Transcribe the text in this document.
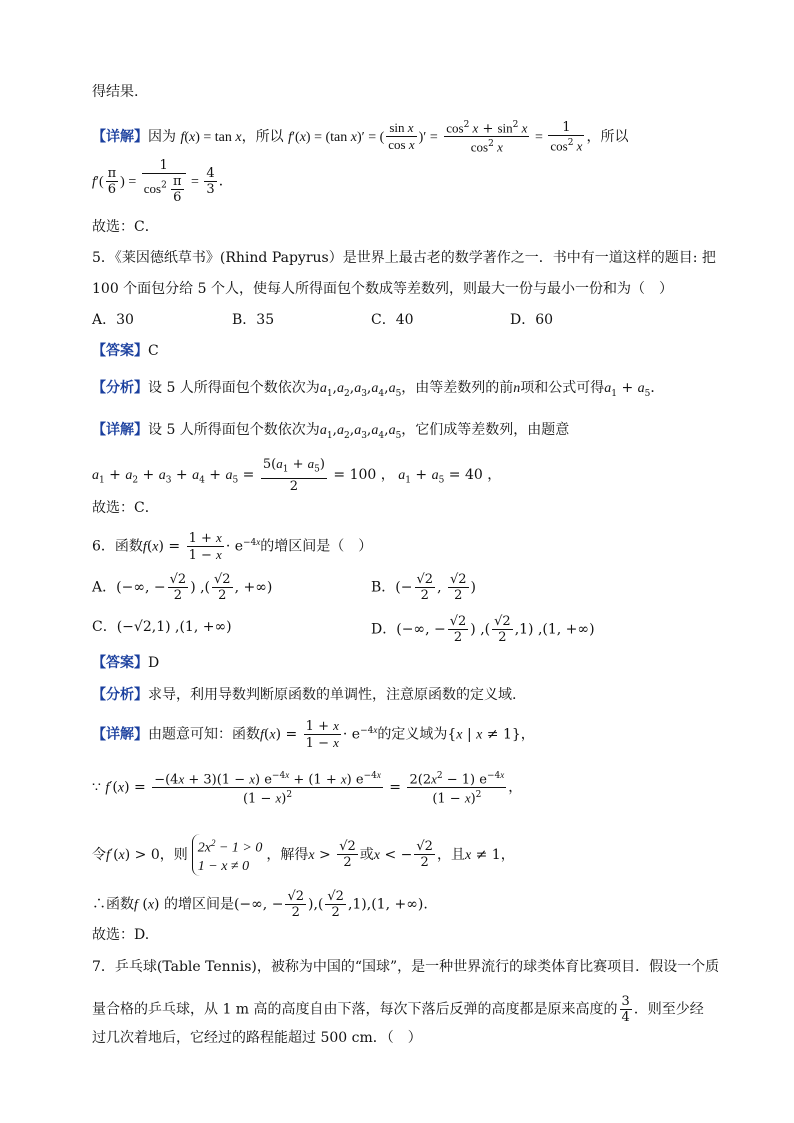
得结果.
【 详解 】 因为 f(x) = tan x，所以 f′(x) = (tan x)′ = ( $\frac{\text{sin x}}{\text{cos x}}$ )′ = $\frac{\cos^2 x + \sin^2 x}{\cos^2 x} = \frac{1}{\cos^2 x}$ ，所以
$f'( \frac{\pi}{6}$ ) = $\frac{1}{\cos^2 \frac{\pi}{6}} = \frac{4}{3}$ ．
故选：C．
5．《莱因德纸草书》(Rhind Papyrus）是世界上最古老的数学著作之一．书中有一道这样的题目: 把
100 个面包分给 5 个人，使每人所得面包个数成等差数列，则最大一份与最小一份和为（　）
A．30	B．35	C．40	D．60
【 答案 】 C
【 分析 】 设 5 人所得面包个数依次为$a_1,a_2,a_3,a_4,a_5$，由等差数列的前n项和公式可得$a_1 + a_5$．
【 详解 】 设 5 人所得面包个数依次为$a_1,a_2,a_3,a_4,a_5$，它们成等差数列，由题意
$a_1 + a_2 + a_3 + a_4 + a_5 = \frac{5(a_1 + a_5)}{2} = 100$ ， $a_1 + a_5 = 40$ ，
故选：C．
6．函数$f(x) = \frac{1 + x}{1 - x} \cdot e^{-4x}$的增区间是（　）
A．(−∞, − $\frac{√2}{2}$ ) ,( $\frac{√2}{2}$ , +∞)	B．(− $\frac{√2}{2}$ , $\frac{√2}{2}$ )
C．(−√2,1) ,(1, +∞)	D．(−∞, − $\frac{√2}{2}$ ) ,( $\frac{√2}{2} ,1$) ,(1, +∞)
【 答案 】 D
【 分析 】 求导，利用导数判断原函数的单调性，注意原函数的定义域.
【 详解 】 由题意可知：函数$f(x) = \frac{1 + x}{1 - x} \cdot e^{-4x}$的定义域为{x | x ≠ 1}，
∵ $f'(x) = \frac{-(4x + 3)(1 - x) e^{-4x} + (1 + x) e^{-4x}}{(1 - x)^2} = \frac{2(2x^2 - 1) e^{-4x}}{(1 - x)^2}$ ，
令f′(x) > 0，则 $2x^2 - 1 > 0$
1 − x ≠ 0
，解得$x > \frac{√2}{2}$ 或x < − $\frac{√2}{2}$ ，且x ≠ 1，
∴函数f (x) 的增区间是(−∞, − $\frac{√2}{2}$ ),( $\frac{√2}{2} ,1),(1$, +∞).
故选：D.
7．乒乓球(Table Tennis)，被称为中国的“国球”，是一种世界流行的球类体育比赛项目．假设一个质
量合格的乒乓球，从 1 m 高的高度自由下落，每次下落后反弹的高度都是原来高度的 $\frac{3}{4}$ ．则至少经
过几次着地后，它经过的路程能超过 500 cm．（　）
